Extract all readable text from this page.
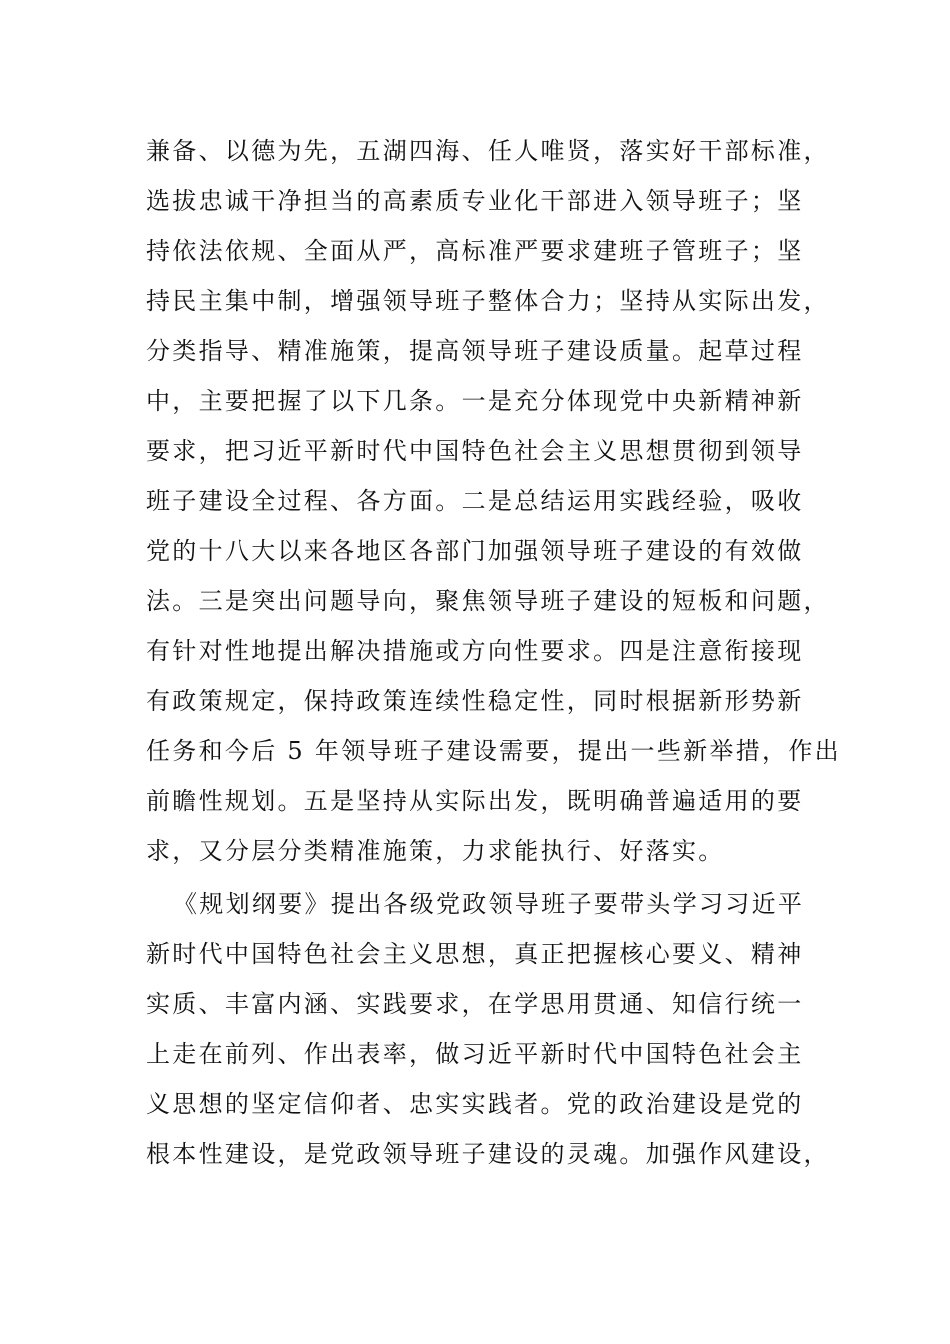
兼备、以德为先，五湖四海、任人唯贤，落实好干部标准，
选拔忠诚干净担当的高素质专业化干部进入领导班子；坚
持依法依规、全面从严，高标准严要求建班子管班子；坚
持民主集中制，增强领导班子整体合力；坚持从实际出发，
分类指导、精准施策，提高领导班子建设质量。起草过程
中，主要把握了以下几条。一是充分体现党中央新精神新
要求，把习近平新时代中国特色社会主义思想贯彻到领导
班子建设全过程、各方面。二是总结运用实践经验，吸收
党的十八大以来各地区各部门加强领导班子建设的有效做
法。三是突出问题导向，聚焦领导班子建设的短板和问题，
有针对性地提出解决措施或方向性要求。四是注意衔接现
有政策规定，保持政策连续性稳定性，同时根据新形势新
任务和今后 5 年领导班子建设需要，提出一些新举措，作出
前瞻性规划。五是坚持从实际出发，既明确普遍适用的要
求，又分层分类精准施策，力求能执行、好落实。
《规划纲要》提出各级党政领导班子要带头学习习近平
新时代中国特色社会主义思想，真正把握核心要义、精神
实质、丰富内涵、实践要求，在学思用贯通、知信行统一
上走在前列、作出表率，做习近平新时代中国特色社会主
义思想的坚定信仰者、忠实实践者。党的政治建设是党的
根本性建设，是党政领导班子建设的灵魂。加强作风建设，
